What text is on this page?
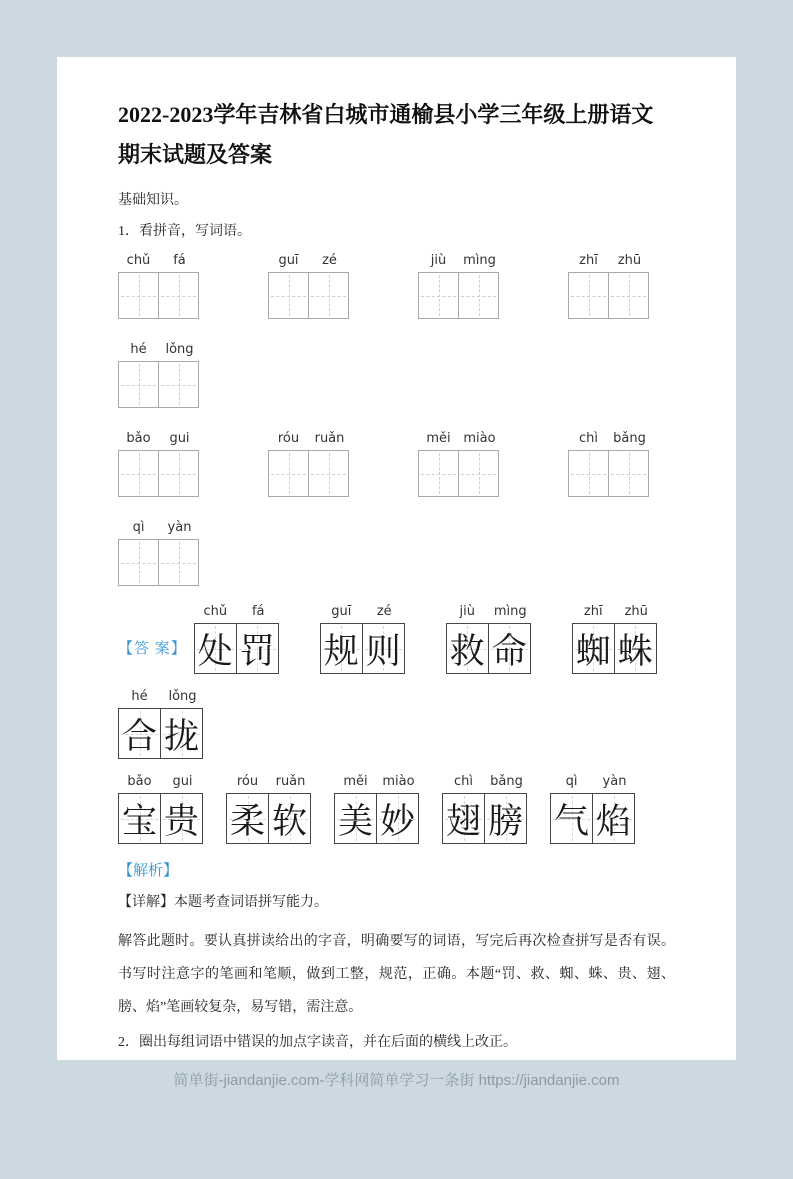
2022-2023学年吉林省白城市通榆县小学三年级上册语文期末试题及答案

基础知识。

1．看拼音，写词语。

chǔ	fá	guī	zé	jiù	mìng	zhī	zhū
hé	lǒng
bǎo	gui	róu	ruǎn	měi miào	chì	bǎng
qì	yàn
【答 案】
chǔ	fá
处 罚
guī	zé
规 则
jiù	mìng
救 命
zhī	zhū
蜘 蛛
hé	lǒng
合 拢
bǎo	gui
宝 贵
róu	ruǎn
柔 软
měi	miào
美 妙
chì	bǎng
翅 膀
qì	yàn
气 焰

【解析】

【详解】本题考查词语拼写能力。

解答此题时。要认真拼读给出的字音，明确要写的词语，写完后再次检查拼写是否有误。书写时注意字的笔画和笔顺，做到工整，规范，正确。本题“罚、救、蜘、蛛、贵、翅、膀、焰”笔画较复杂，易写错，需注意。

2．圈出每组词语中错误的加点字读音，并在后面的横线上改正。

简单街-jiandanjie.com-学科网简单学习一条街 https://jiandanjie.com
